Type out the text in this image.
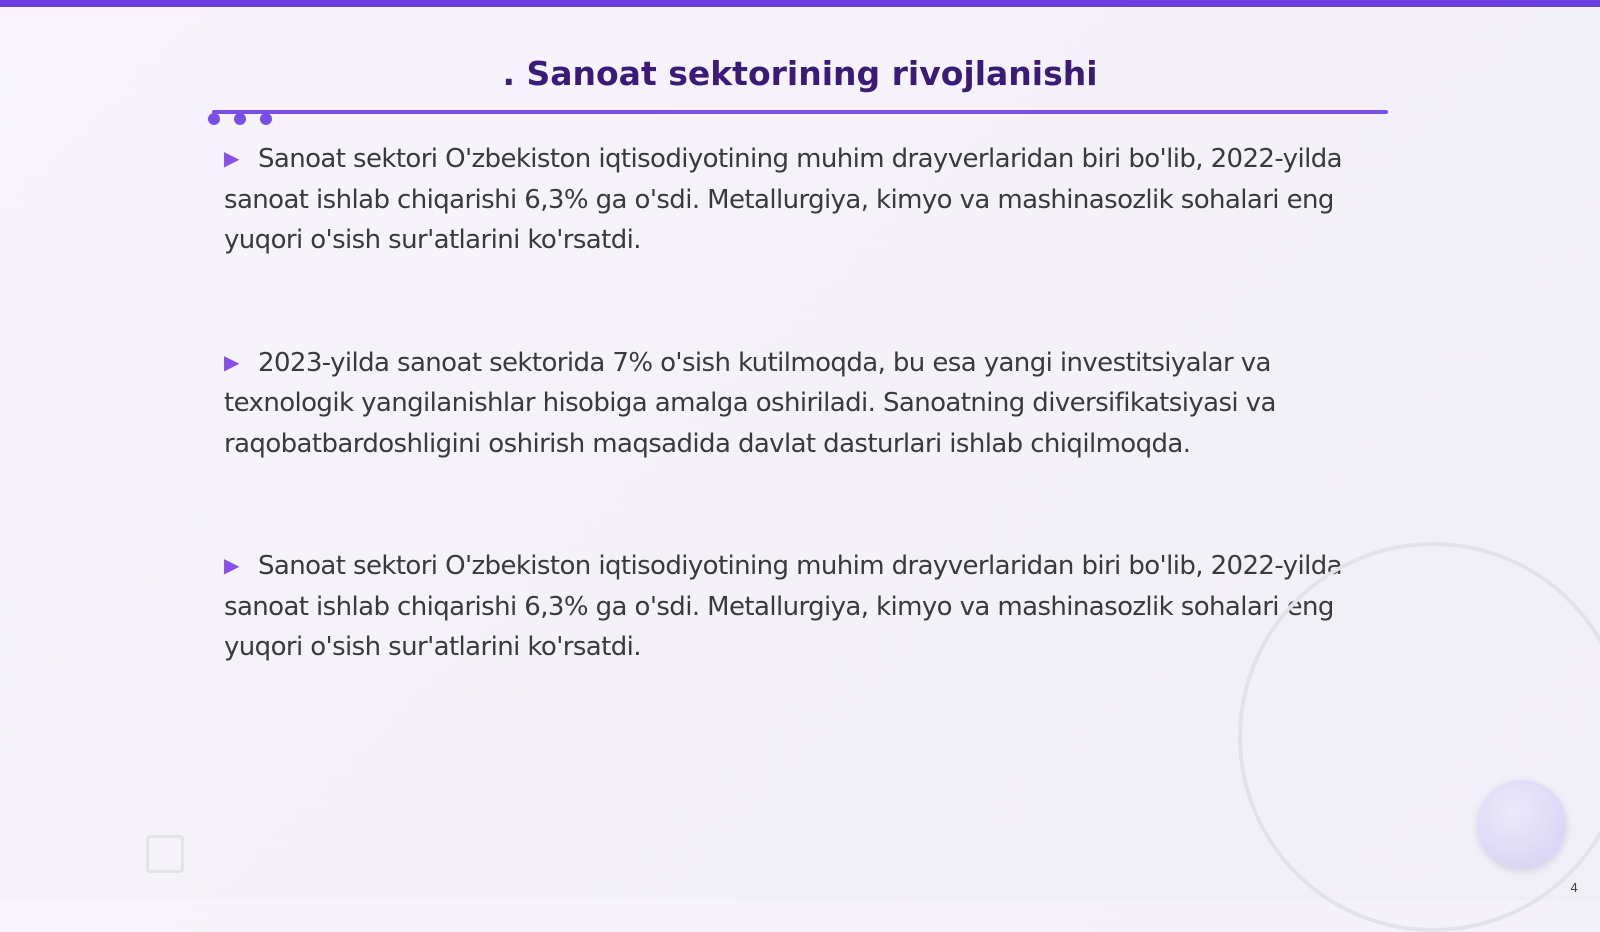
. Sanoat sektorining rivojlanishi

▶ Sanoat sektori O'zbekiston iqtisodiyotining muhim drayverlaridan biri bo'lib, 2022-yilda sanoat ishlab chiqarishi 6,3% ga o'sdi. Metallurgiya, kimyo va mashinasozlik sohalari eng yuqori o'sish sur'atlarini ko'rsatdi.

▶ 2023-yilda sanoat sektorida 7% o'sish kutilmoqda, bu esa yangi investitsiyalar va texnologik yangilanishlar hisobiga amalga oshiriladi. Sanoatning diversifikatsiyasi va raqobatbardoshligini oshirish maqsadida davlat dasturlari ishlab chiqilmoqda.

▶ Sanoat sektori O'zbekiston iqtisodiyotining muhim drayverlaridan biri bo'lib, 2022-yilda sanoat ishlab chiqarishi 6,3% ga o'sdi. Metallurgiya, kimyo va mashinasozlik sohalari eng yuqori o'sish sur'atlarini ko'rsatdi.

4
